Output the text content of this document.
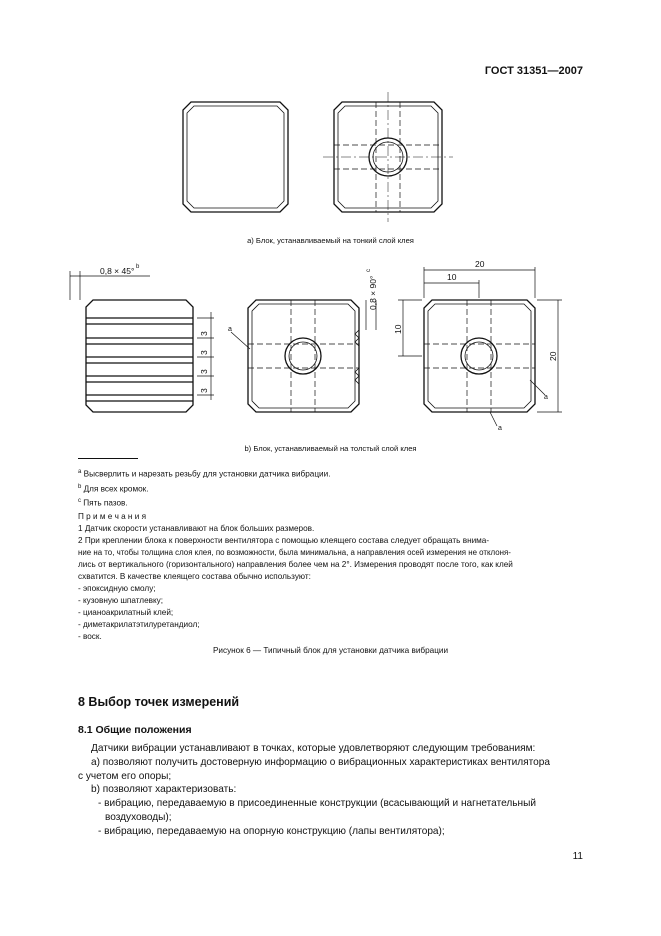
ГОСТ 31351—2007
0,8 × 45° b
3
3
3
3
0,8 × 90°
c
20
10
10
20
a
a
a
а) Блок, устанавливаемый на тонкий слой клея
b) Блок, устанавливаемый на толстый слой клея
$^a$ Высверлить и нарезать резьбу для установки датчика вибрации.
$^b$ Для всех кромок.
$^c$ Пять пазов.
П р и м е ч а н и я
1 Датчик скорости устанавливают на блок больших размеров.
2 При креплении блока к поверхности вентилятора с помощью клеящего состава следует обращать внима-
ние на то, чтобы толщина слоя клея, по возможности, была минимальна, а направления осей измерения не отклоня-
лись от вертикального (горизонтального) направления более чем на 2°. Измерения проводят после того, как клей
схватится. В качестве клеящего состава обычно используют:
- эпоксидную смолу;
- кузовную шпатлевку;
- цианоакрилатный клей;
- диметакрилатэтилуретандиол;
- воск.
Рисунок 6 — Типичный блок для установки датчика вибрации
8 Выбор точек измерений
8.1 Общие положения
Датчики вибрации устанавливают в точках, которые удовлетворяют следующим требованиям:
а) позволяют получить достоверную информацию о вибрационных характеристиках вентилятора
с учетом его опоры;
b) позволяют характеризовать:
- вибрацию, передаваемую в присоединенные конструкции (всасывающий и нагнетательный
воздуховоды);
- вибрацию, передаваемую на опорную конструкцию (лапы вентилятора);
11
